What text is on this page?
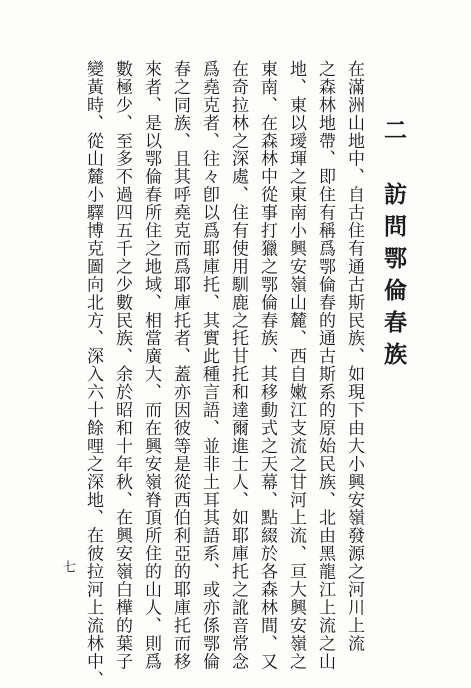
二　訪問鄂倫春族
在滿洲山地中、自古住有通古斯民族、如現下由大小興安嶺發源之河川上流
之森林地帶、即住有稱爲鄂倫春的通古斯系的原始民族、北由黑龍江上流之山
地、東以璦琿之東南小興安嶺山麓、西自嫩江支流之甘河上流、亘大興安嶺之
東南、在森林中從事打獵之鄂倫春族、其移動式之天幕、點綴於各森林間、又
在奇拉林之深處、住有使用馴鹿之托甘托和達爾進士人、如耶庫托之訛音常念
爲堯克者、往々卽以爲耶庫托、其實此種言語、並非土耳其語系、或亦係鄂倫
春之同族、且其呼堯克而爲耶庫托者、蓋亦因彼等是從西伯利亞的耶庫托而移
來者、是以鄂倫春所住之地域、相當廣大、而在興安嶺脊頂所住的山人、則爲
數極少、至多不過四五千之少數民族、余於昭和十年秋、在興安嶺白樺的葉子
變黃時、從山麓小驛博克圖向北方、深入六十餘哩之深地、在彼拉河上流林中、
七
